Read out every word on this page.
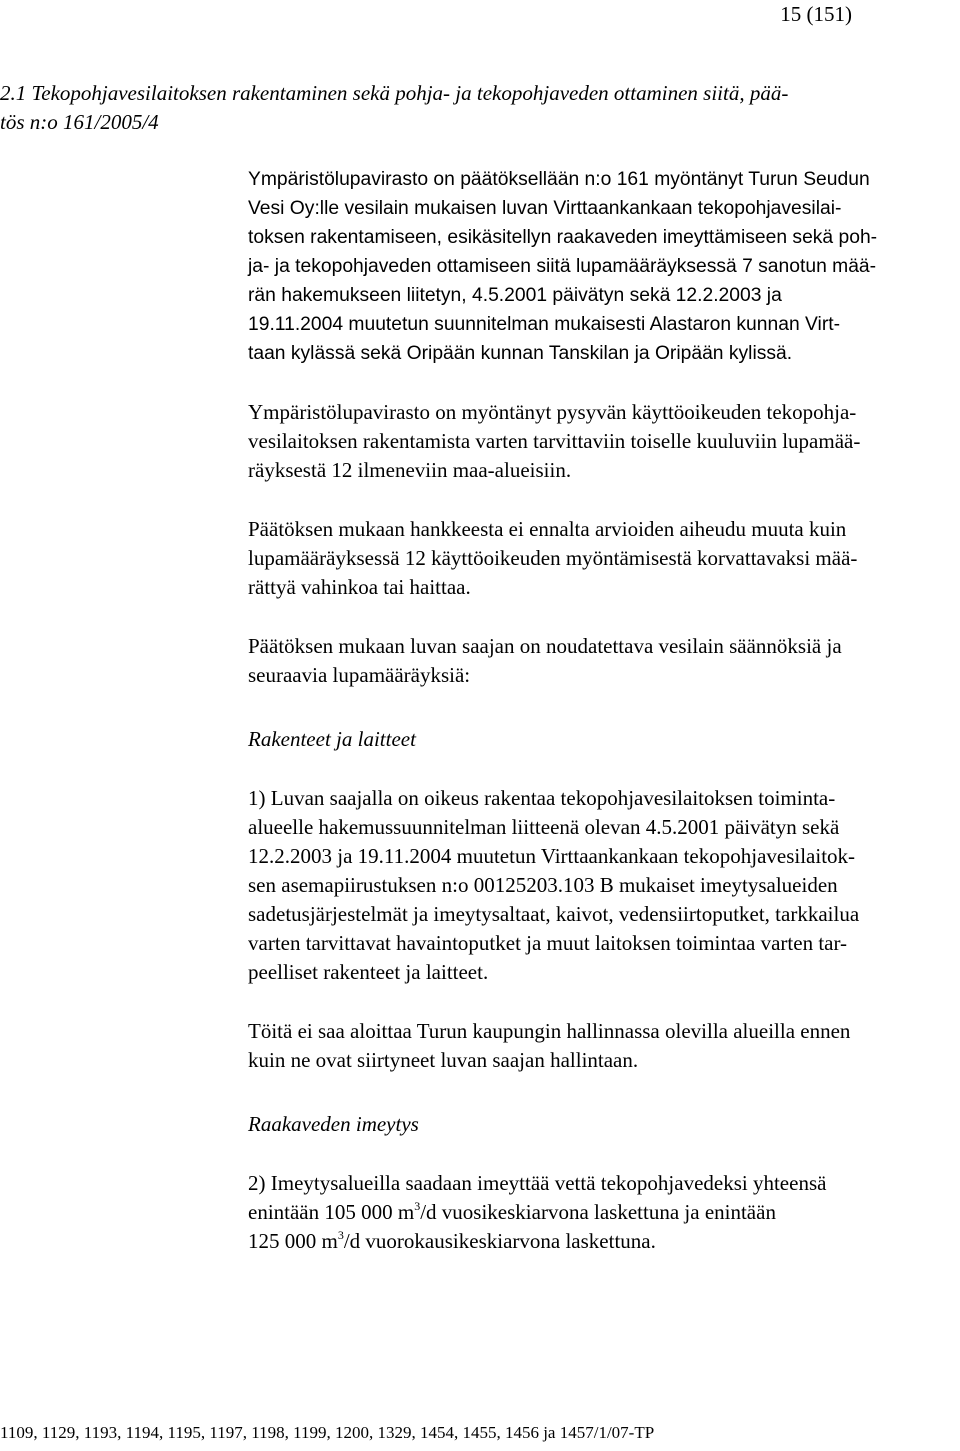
15 (151)
2.1 Tekopohjavesilaitoksen rakentaminen sekä pohja- ja tekopohjaveden ottaminen siitä, pää-
tös n:o 161/2005/4

Ympäristölupavirasto on päätöksellään n:o 161 myöntänyt Turun Seudun
Vesi Oy:lle vesilain mukaisen luvan Virttaankankaan tekopohjavesilai-
toksen rakentamiseen, esikäsitellyn raakaveden imeyttämiseen sekä poh-
ja- ja tekopohjaveden ottamiseen siitä lupamääräyksessä 7 sanotun mää-
rän hakemukseen liitetyn, 4.5.2001 päivätyn sekä 12.2.2003 ja
19.11.2004 muutetun suunnitelman mukaisesti Alastaron kunnan Virt-
taan kylässä sekä Oripään kunnan Tanskilan ja Oripään kylissä.

Ympäristölupavirasto on myöntänyt pysyvän käyttöoikeuden tekopohja-
vesilaitoksen rakentamista varten tarvittaviin toiselle kuuluviin lupamää-
räyksestä 12 ilmeneviin maa-alueisiin.

Päätöksen mukaan hankkeesta ei ennalta arvioiden aiheudu muuta kuin
lupamääräyksessä 12 käyttöoikeuden myöntämisestä korvattavaksi mää-
rättyä vahinkoa tai haittaa.

Päätöksen mukaan luvan saajan on noudatettava vesilain säännöksiä ja
seuraavia lupamääräyksiä:

Rakenteet ja laitteet

1) Luvan saajalla on oikeus rakentaa tekopohjavesilaitoksen toiminta-
alueelle hakemussuunnitelman liitteenä olevan 4.5.2001 päivätyn sekä
12.2.2003 ja 19.11.2004 muutetun Virttaankankaan tekopohjavesilaitok-
sen asemapiirustuksen n:o 00125203.103 B mukaiset imeytysalueiden
sadetusjärjestelmät ja imeytysaltaat, kaivot, vedensiirtoputket, tarkkailua
varten tarvittavat havaintoputket ja muut laitoksen toimintaa varten tar-
peelliset rakenteet ja laitteet.

Töitä ei saa aloittaa Turun kaupungin hallinnassa olevilla alueilla ennen
kuin ne ovat siirtyneet luvan saajan hallintaan.

Raakaveden imeytys

2) Imeytysalueilla saadaan imeyttää vettä tekopohjavedeksi yhteensä
enintään 105 000 $m^3/d$ vuosikeskiarvona laskettuna ja enintään
125 000 $m^3/d$ vuorokausikeskiarvona laskettuna.

1109, 1129, 1193, 1194, 1195, 1197, 1198, 1199, 1200, 1329, 1454, 1455, 1456 ja 1457/1/07-TP
